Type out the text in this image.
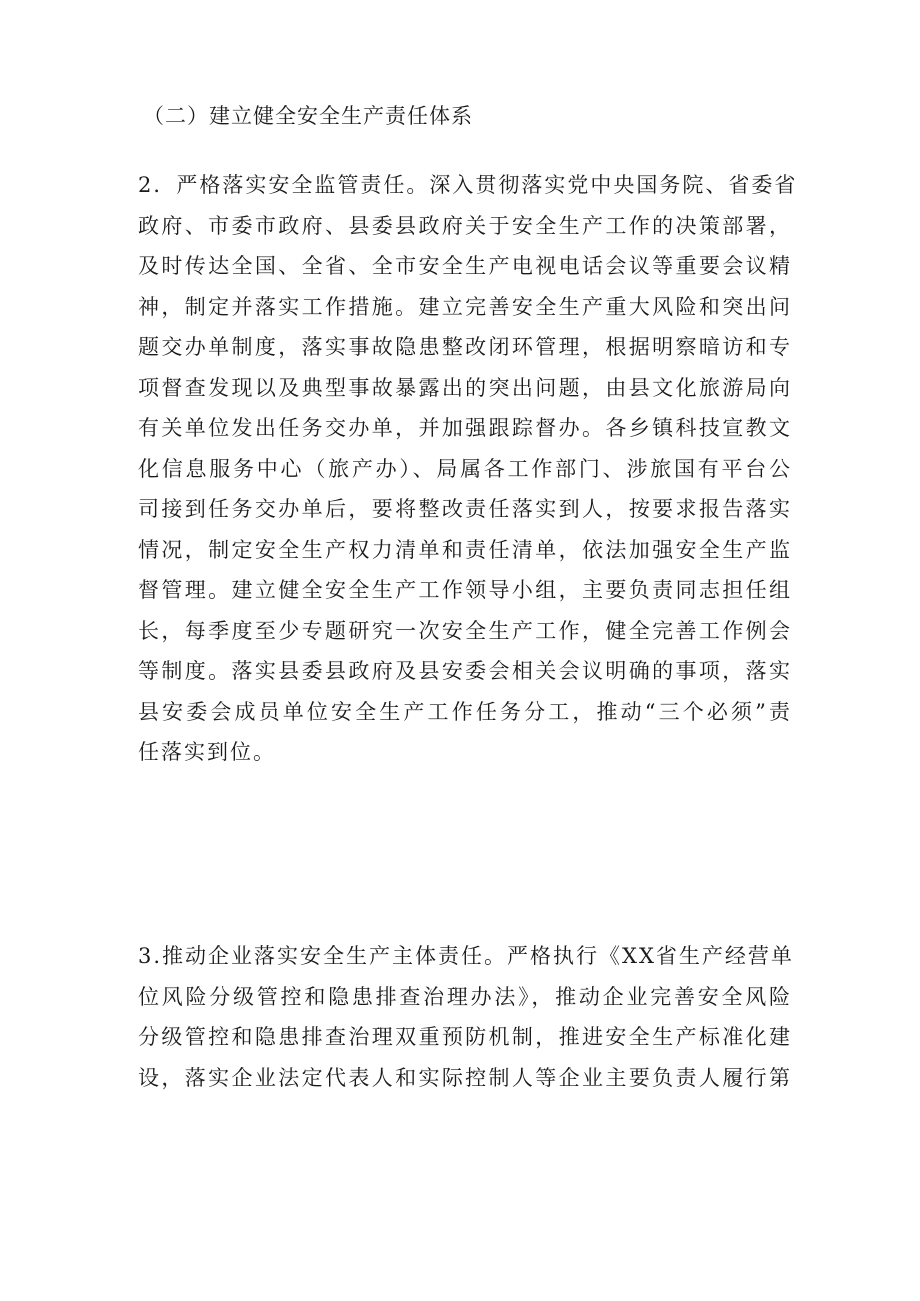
（二）建立健全安全生产责任体系
2．严格落实安全监管责任。深入贯彻落实党中央国务院、省委省
政府、市委市政府、县委县政府关于安全生产工作的决策部署，
及时传达全国、全省、全市安全生产电视电话会议等重要会议精
神，制定并落实工作措施。建立完善安全生产重大风险和突出问
题交办单制度，落实事故隐患整改闭环管理，根据明察暗访和专
项督查发现以及典型事故暴露出的突出问题，由县文化旅游局向
有关单位发出任务交办单，并加强跟踪督办。各乡镇科技宣教文
化信息服务中心（旅产办）、局属各工作部门、涉旅国有平台公
司接到任务交办单后，要将整改责任落实到人，按要求报告落实
情况，制定安全生产权力清单和责任清单，依法加强安全生产监
督管理。建立健全安全生产工作领导小组，主要负责同志担任组
长，每季度至少专题研究一次安全生产工作，健全完善工作例会
等制度。落实县委县政府及县安委会相关会议明确的事项，落实
县安委会成员单位安全生产工作任务分工，推动“三个必须”责
任落实到位。
3.推动企业落实安全生产主体责任。严格执行《XX省生产经营单
位风险分级管控和隐患排查治理办法》，推动企业完善安全风险
分级管控和隐患排查治理双重预防机制，推进安全生产标准化建
设，落实企业法定代表人和实际控制人等企业主要负责人履行第
